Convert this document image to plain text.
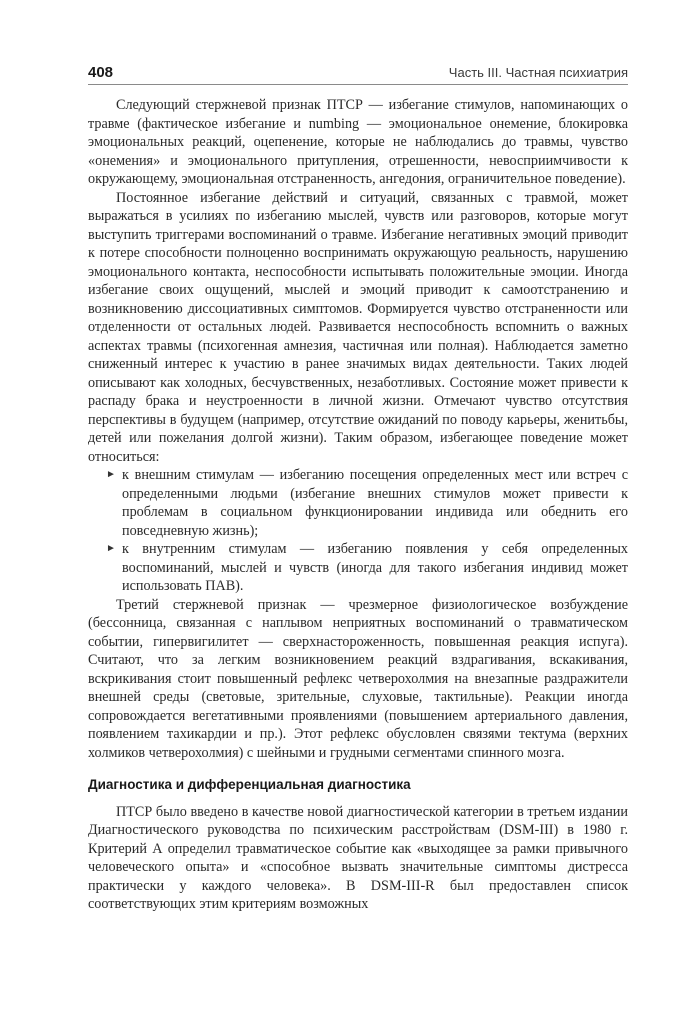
408	Часть III. Частная психиатрия

Следующий стержневой признак ПТСР — избегание стимулов, напоминающих о травме (фактическое избегание и numbing — эмоциональное онемение, блокировка эмоциональных реакций, оцепенение, которые не наблюдались до травмы, чувство «онемения» и эмоционального притупления, отрешенности, невосприимчивости к окружающему, эмоциональная отстраненность, ангедония, ограничительное поведение).

Постоянное избегание действий и ситуаций, связанных с травмой, может выражаться в усилиях по избеганию мыслей, чувств или разговоров, которые могут выступить триггерами воспоминаний о травме. Избегание негативных эмоций приводит к потере способности полноценно воспринимать окружающую реальность, нарушению эмоционального контакта, неспособности испытывать положительные эмоции. Иногда избегание своих ощущений, мыслей и эмоций приводит к самоотстранению и возникновению диссоциативных симптомов. Формируется чувство отстраненности или отделенности от остальных людей. Развивается неспособность вспомнить о важных аспектах травмы (психогенная амнезия, частичная или полная). Наблюдается заметно сниженный интерес к участию в ранее значимых видах деятельности. Таких людей описывают как холодных, бесчувственных, незаботливых. Состояние может привести к распаду брака и неустроенности в личной жизни. Отмечают чувство отсутствия перспективы в будущем (например, отсутствие ожиданий по поводу карьеры, женитьбы, детей или пожелания долгой жизни). Таким образом, избегающее поведение может относиться:

► к внешним стимулам — избеганию посещения определенных мест или встреч с определенными людьми (избегание внешних стимулов может привести к проблемам в социальном функционировании индивида или обеднить его повседневную жизнь);
► к внутренним стимулам — избеганию появления у себя определенных воспоминаний, мыслей и чувств (иногда для такого избегания индивид может использовать ПАВ).

Третий стержневой признак — чрезмерное физиологическое возбуждение (бессонница, связанная с наплывом неприятных воспоминаний о травматическом событии, гипервигилитет — сверхнастороженность, повышенная реакция испуга). Считают, что за легким возникновением реакций вздрагивания, вскакивания, вскрикивания стоит повышенный рефлекс четверохолмия на внезапные раздражители внешней среды (световые, зрительные, слуховые, тактильные). Реакции иногда сопровождается вегетативными проявлениями (повышением артериального давления, появлением тахикардии и пр.). Этот рефлекс обусловлен связями тектума (верхних холмиков четверохолмия) с шейными и грудными сегментами спинного мозга.

Диагностика и дифференциальная диагностика

ПТСР было введено в качестве новой диагностической категории в третьем издании Диагностического руководства по психическим расстройствам (DSM-III) в 1980 г. Критерий А определил травматическое событие как «выходящее за рамки привычного человеческого опыта» и «способное вызвать значительные симптомы дистресса практически у каждого человека». В DSM-III-R был предоставлен список соответствующих этим критериям возможных
